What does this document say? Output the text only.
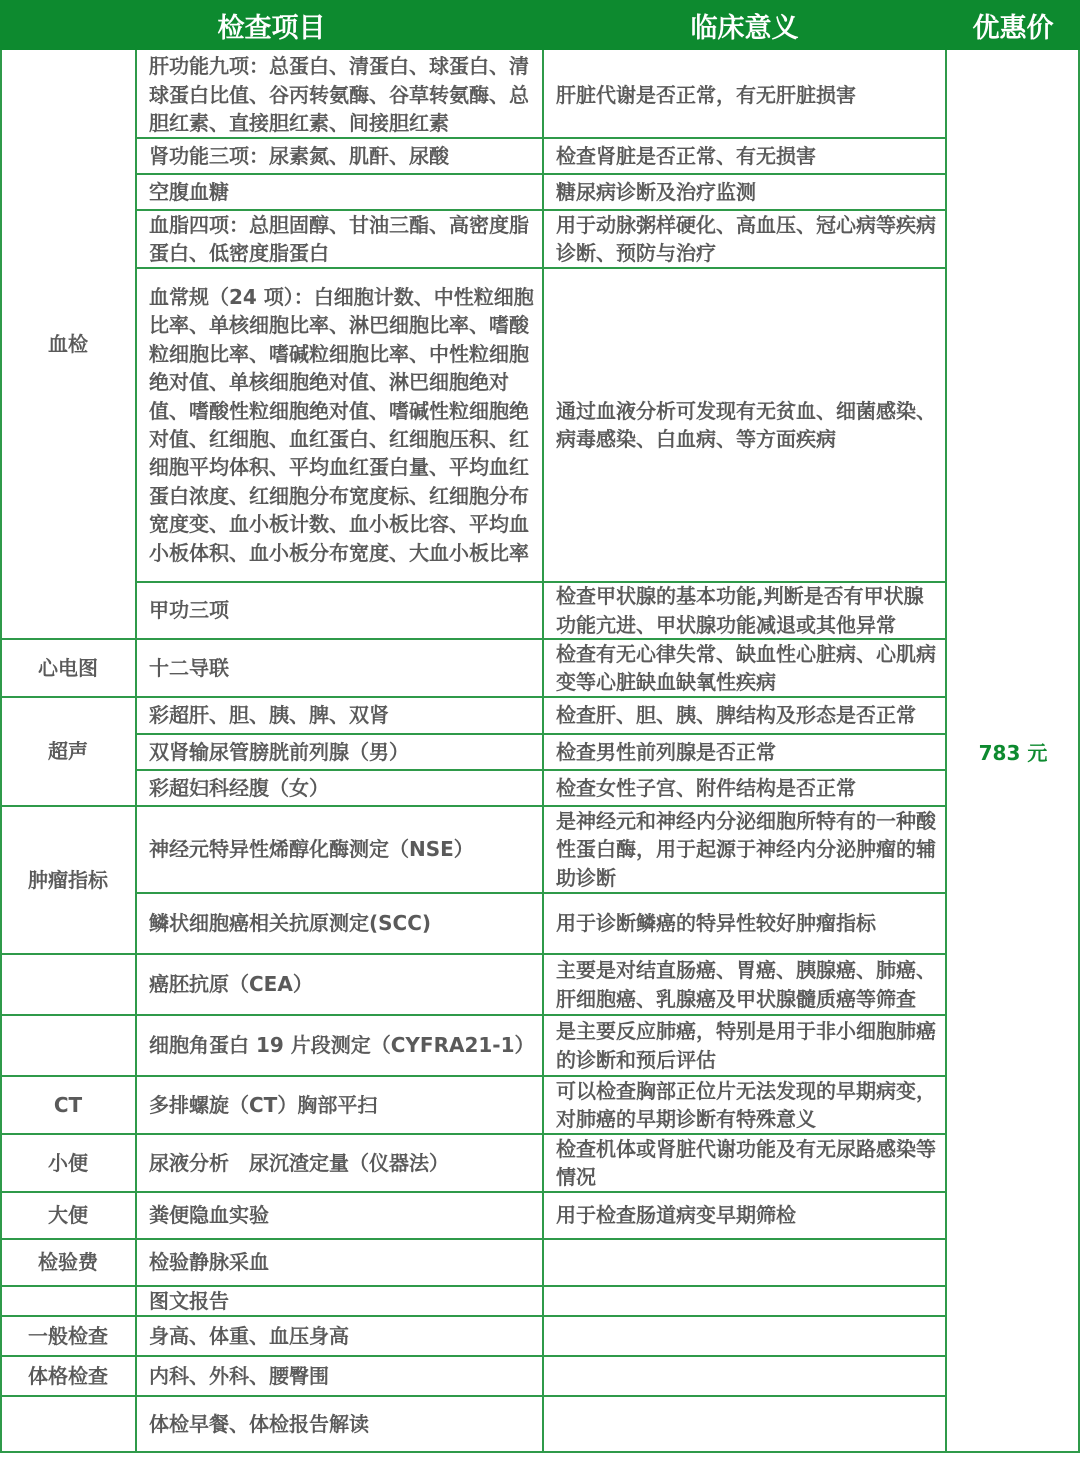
检查项目	临床意义	优惠价
血检
心电图
超声
肿瘤指标
CT
小便
大便
检验费
一般检查
体格检查
肝功能九项：总蛋白、清蛋白、球蛋白、清球蛋白比值、谷丙转氨酶、谷草转氨酶、总胆红素、直接胆红素、间接胆红素
肾功能三项：尿素氮、肌酐、尿酸
空腹血糖
血脂四项：总胆固醇、甘油三酯、高密度脂蛋白、低密度脂蛋白
血常规（24 项）：白细胞计数、中性粒细胞比率、单核细胞比率、淋巴细胞比率、嗜酸粒细胞比率、嗜碱粒细胞比率、中性粒细胞绝对值、单核细胞绝对值、淋巴细胞绝对值、嗜酸性粒细胞绝对值、嗜碱性粒细胞绝对值、红细胞、血红蛋白、红细胞压积、红细胞平均体积、平均血红蛋白量、平均血红蛋白浓度、红细胞分布宽度标、红细胞分布宽度变、血小板计数、血小板比容、平均血小板体积、血小板分布宽度、大血小板比率
甲功三项
十二导联
彩超肝、胆、胰、脾、双肾
双肾输尿管膀胱前列腺（男）
彩超妇科经腹（女）
神经元特异性烯醇化酶测定（NSE）
鳞状细胞癌相关抗原测定(SCC)
癌胚抗原（CEA）
细胞角蛋白 19 片段测定（CYFRA21-1）
多排螺旋（CT）胸部平扫
尿液分析　尿沉渣定量（仪器法）
粪便隐血实验
检验静脉采血
图文报告
身高、体重、血压身高
内科、外科、腰臀围
体检早餐、体检报告解读
肝脏代谢是否正常，有无肝脏损害
检查肾脏是否正常、有无损害
糖尿病诊断及治疗监测
用于动脉粥样硬化、高血压、冠心病等疾病诊断、预防与治疗
通过血液分析可发现有无贫血、细菌感染、病毒感染、白血病、等方面疾病
检查甲状腺的基本功能,判断是否有甲状腺功能亢进、甲状腺功能减退或其他异常
检查有无心律失常、缺血性心脏病、心肌病变等心脏缺血缺氧性疾病
检查肝、胆、胰、脾结构及形态是否正常
检查男性前列腺是否正常
检查女性子宫、附件结构是否正常
是神经元和神经内分泌细胞所特有的一种酸性蛋白酶，用于起源于神经内分泌肿瘤的辅助诊断
用于诊断鳞癌的特异性较好肿瘤指标
主要是对结直肠癌、胃癌、胰腺癌、肺癌、肝细胞癌、乳腺癌及甲状腺髓质癌等筛查
是主要反应肺癌，特别是用于非小细胞肺癌的诊断和预后评估
可以检查胸部正位片无法发现的早期病变，对肺癌的早期诊断有特殊意义
检查机体或肾脏代谢功能及有无尿路感染等情况
用于检查肠道病变早期筛检
783 元
